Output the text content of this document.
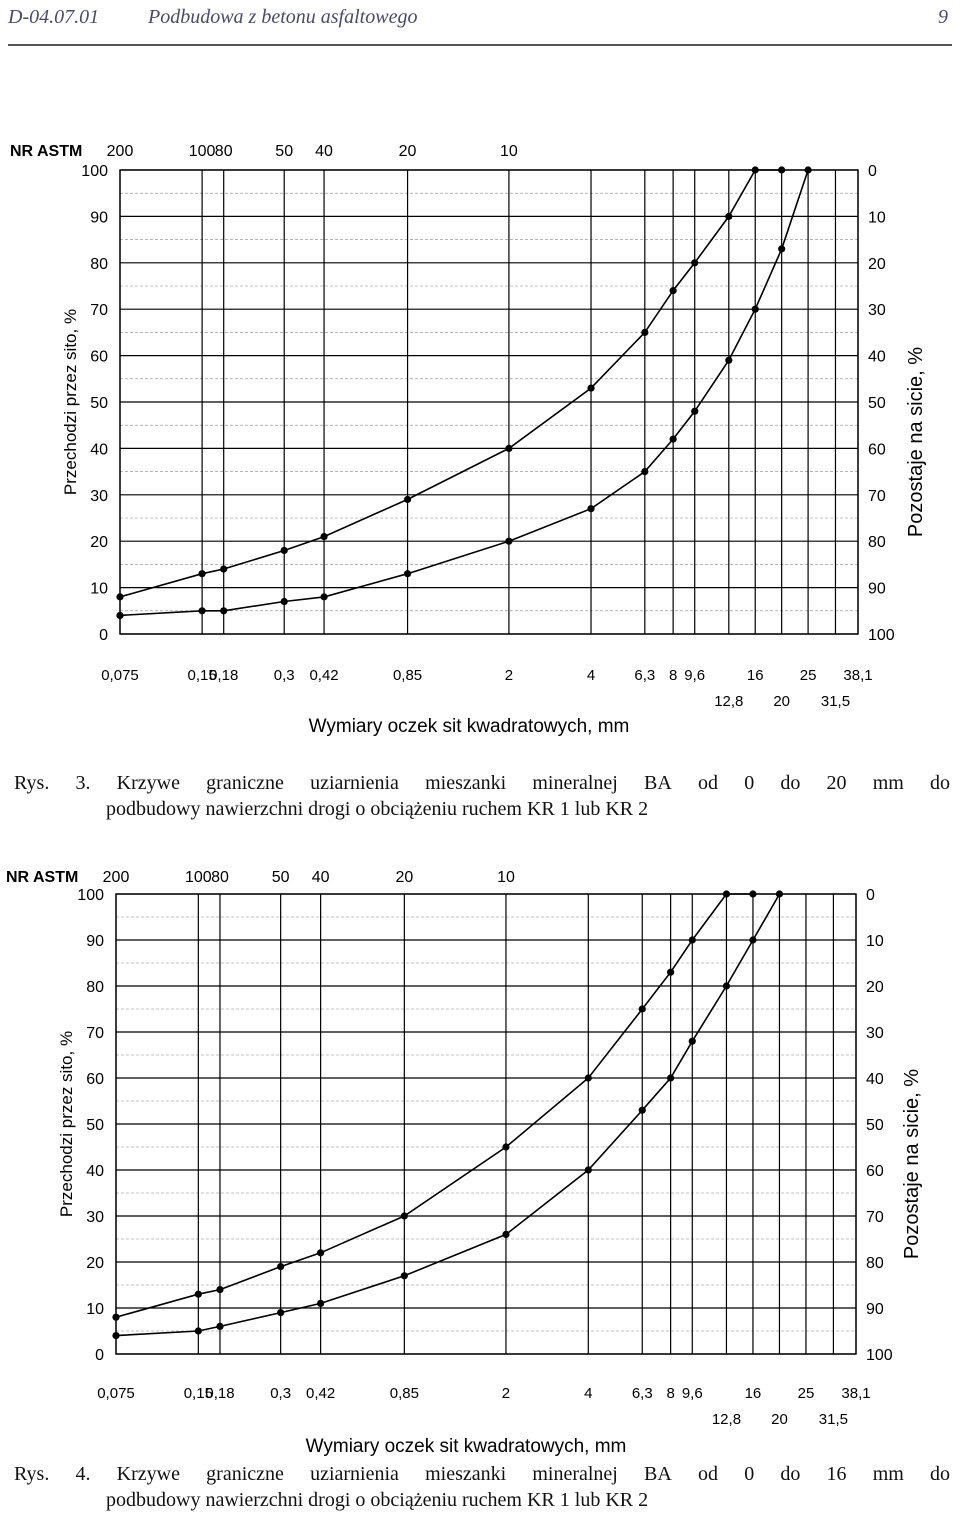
D-04.07.01 Podbudowa z betonu asfaltowego	9
0
10
20
30
40
50
60
70
80
90
100
100
90
80
70
60
50
40
30
20
10
0
NR ASTM 200	100 80	50 40	20	10
0,075	0,15
0,18 0,3 0,42	0,85	2	4	6,3 8 9,6	16 25 38,1
12,8 20 31,5
Wymiary oczek sit kwadratowych, mm
Przechodzi przez sito, %	Pozostaje na sicie, %
Rys. 3. Krzywe graniczne uziarnienia mieszanki mineralnej BA od 0 do 20 mm do
podbudowy nawierzchni drogi o obciążeniu ruchem KR 1 lub KR 2
0
10
20
30
40
50
60
70
80
90
100
100
90
80
70
60
50
40
30
20
10
0
NR ASTM 200	100 80	50 40	20	10
0,075	0,15
0,18 0,3 0,42	0,85	2	4	6,3 8 9,6	16 25 38,1
12,8 20 31,5
Wymiary oczek sit kwadratowych, mm
Przechodzi przez sito, %	Pozostaje na sicie, %
Rys. 4. Krzywe graniczne uziarnienia mieszanki mineralnej BA od 0 do 16 mm do
podbudowy nawierzchni drogi o obciążeniu ruchem KR 1 lub KR 2
